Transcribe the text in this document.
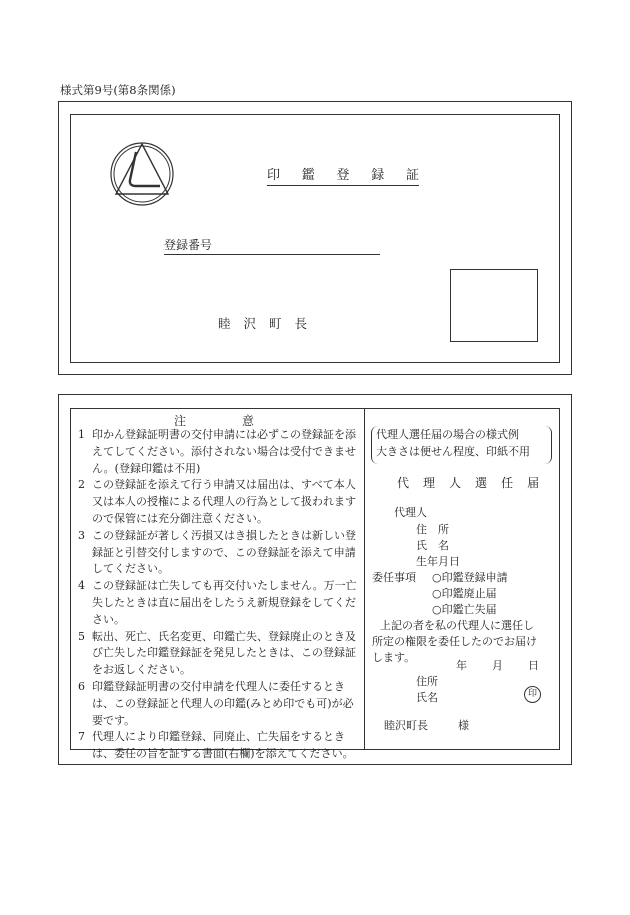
様式第9号(第8条関係)
印 鑑 登 録 証
登録番号
睦 沢 町 長
注	意
1 印かん登録証明書の交付申請には必ずこの登録証を添えてしてください。添付されない場合は受付できません。(登録印鑑は不用)
2 この登録証を添えて行う申請又は届出は、すべて本人又は本人の授権による代理人の行為として扱われますので保管には充分御注意ください。
3 この登録証が著しく汚損又はき損したときは新しい登録証と引替交付しますので、この登録証を添えて申請してください。
4 この登録証は亡失しても再交付いたしません。万一亡失したときは直に届出をしたうえ新規登録をしてください。
5 転出、死亡、氏名変更、印鑑亡失、登録廃止のとき及び亡失した印鑑登録証を発見したときは、この登録証をお返しください。
6 印鑑登録証明書の交付申請を代理人に委任するときは、この登録証と代理人の印鑑(みとめ印でも可)が必要です。
7 代理人により印鑑登録、同廃止、亡失届をするときは、委任の旨を証する書面(右欄)を添えてください。
代理人選任届の場合の様式例
大きさは便せん程度、印紙不用
代 理 人 選 任 届
代理人
住　所
氏　名
生年月日
委任事項 ○印鑑登録申請
○印鑑廃止届
○印鑑亡失届
上記の者を私の代理人に選任し
所定の権限を委任したのでお届け
します。
年 月 日
住所
氏名	印
睦沢町長	様
